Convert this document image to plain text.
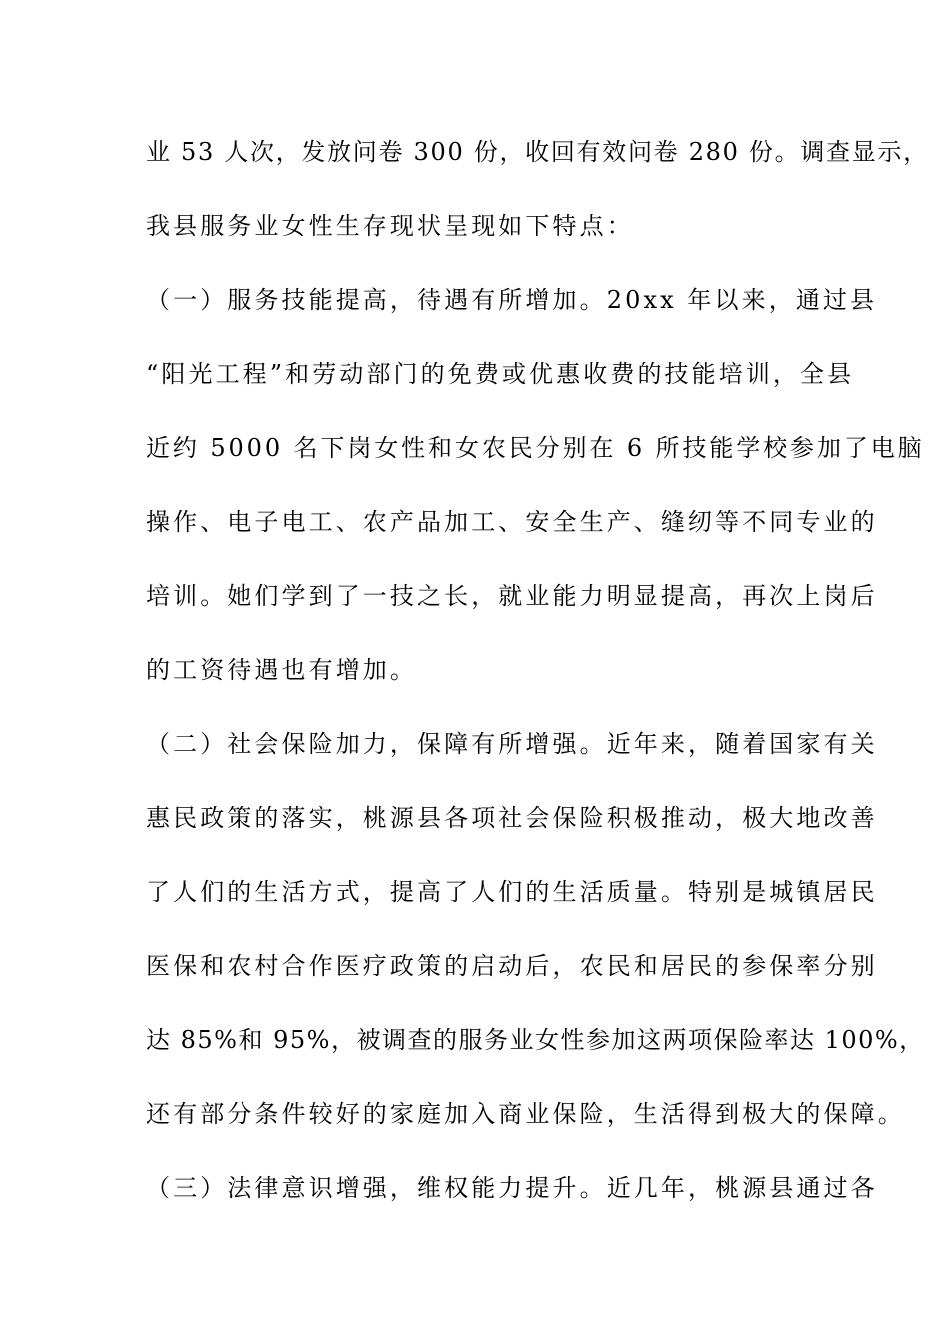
业 53 人次，发放问卷 300 份，收回有效问卷 280 份。调查显示，
我县服务业女性生存现状呈现如下特点：
（一）服务技能提高，待遇有所增加。20xx 年以来，通过县
“阳光工程”和劳动部门的免费或优惠收费的技能培训，全县
近约 5000 名下岗女性和女农民分别在 6 所技能学校参加了电脑
操作、电子电工、农产品加工、安全生产、缝纫等不同专业的
培训。她们学到了一技之长，就业能力明显提高，再次上岗后
的工资待遇也有增加。
（二）社会保险加力，保障有所增强。近年来，随着国家有关
惠民政策的落实，桃源县各项社会保险积极推动，极大地改善
了人们的生活方式，提高了人们的生活质量。特别是城镇居民
医保和农村合作医疗政策的启动后，农民和居民的参保率分别
达 85%和 95%，被调查的服务业女性参加这两项保险率达 100%，
还有部分条件较好的家庭加入商业保险，生活得到极大的保障。
（三）法律意识增强，维权能力提升。近几年，桃源县通过各
